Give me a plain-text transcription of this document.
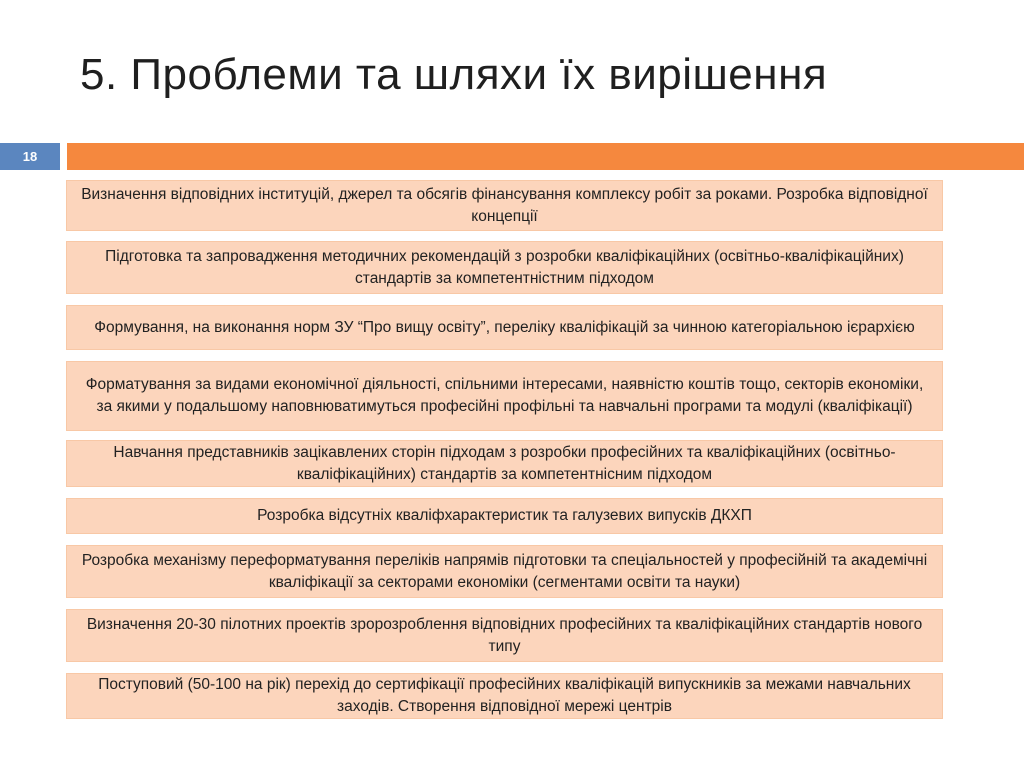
5. Проблеми та шляхи їх вирішення
18
Визначення відповідних інституцій, джерел та обсягів фінансування комплексу робіт за роками. Розробка відповідної концепції
Підготовка та запровадження методичних рекомендацій з розробки кваліфікаційних (освітньо-кваліфікаційних) стандартів за компетентністним підходом
Формування, на виконання норм ЗУ “Про вищу освіту”, переліку кваліфікацій за чинною категоріальною ієрархією
Форматування за видами економічної діяльності, спільними інтересами, наявністю коштів тощо, секторів економіки, за якими у подальшому наповнюватимуться професійні профільні та навчальні програми та модулі (кваліфікації)
Навчання представників зацікавлених сторін підходам з розробки професійних та кваліфікаційних (освітньо-кваліфікаційних) стандартів за компетентнісним підходом
Розробка відсутніх кваліфхарактеристик та галузевих випусків ДКХП
Розробка механізму переформатування переліків напрямів підготовки та спеціальностей у професійній та академічні кваліфікації за секторами економіки (сегментами освіти та науки)
Визначення 20-30 пілотних проектів зророзроблення відповідних професійних та кваліфікаційних стандартів нового типу
Поступовий (50-100 на рік) перехід до сертифікації професійних кваліфікацій випускників за межами навчальних заходів. Створення відповідної мережі центрів
